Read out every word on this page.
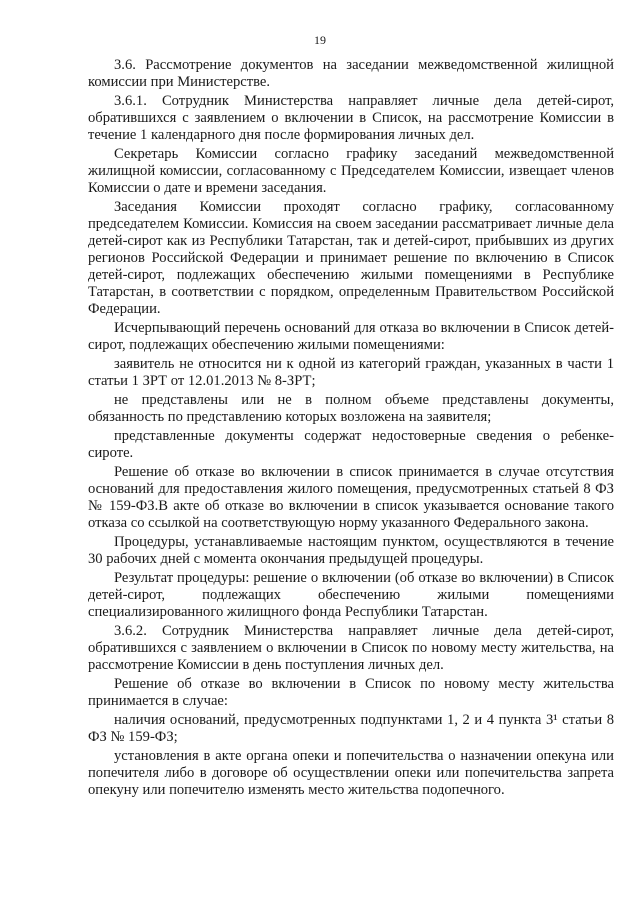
19

3.6. Рассмотрение документов на заседании межведомственной жилищной комиссии при Министерстве.

3.6.1. Сотрудник Министерства направляет личные дела детей-сирот, обратившихся с заявлением о включении в Список, на рассмотрение Комиссии в течение 1 календарного дня после формирования личных дел.

Секретарь Комиссии согласно графику заседаний межведомственной жилищной комиссии, согласованному с Председателем Комиссии, извещает членов Комиссии о дате и времени заседания.

Заседания Комиссии проходят согласно графику, согласованному председателем Комиссии. Комиссия на своем заседании рассматривает личные дела детей-сирот как из Республики Татарстан, так и детей-сирот, прибывших из других регионов Российской Федерации и принимает решение по включению в Список детей-сирот, подлежащих обеспечению жилыми помещениями в Республике Татарстан, в соответствии с порядком, определенным Правительством Российской Федерации.

Исчерпывающий перечень оснований для отказа во включении в Список детей-сирот, подлежащих обеспечению жилыми помещениями:

заявитель не относится ни к одной из категорий граждан, указанных в части 1 статьи 1 ЗРТ от 12.01.2013 № 8-ЗРТ;

не представлены или не в полном объеме представлены документы, обязанность по представлению которых возложена на заявителя;

представленные документы содержат недостоверные сведения о ребенке-сироте.

Решение об отказе во включении в список принимается в случае отсутствия оснований для предоставления жилого помещения, предусмотренных статьей 8 ФЗ № 159-ФЗ.В акте об отказе во включении в список указывается основание такого отказа со ссылкой на соответствующую норму указанного Федерального закона.

Процедуры, устанавливаемые настоящим пунктом, осуществляются в течение 30 рабочих дней с момента окончания предыдущей процедуры.

Результат процедуры: решение о включении (об отказе во включении) в Список детей-сирот, подлежащих обеспечению жилыми помещениями специализированного жилищного фонда Республики Татарстан.

3.6.2. Сотрудник Министерства направляет личные дела детей-сирот, обратившихся с заявлением о включении в Список по новому месту жительства, на рассмотрение Комиссии в день поступления личных дел.

Решение об отказе во включении в Список по новому месту жительства принимается в случае:

наличия оснований, предусмотренных подпунктами 1, 2 и 4 пункта 3¹ статьи 8 ФЗ № 159-ФЗ;

установления в акте органа опеки и попечительства о назначении опекуна или попечителя либо в договоре об осуществлении опеки или попечительства запрета опекуну или попечителю изменять место жительства подопечного.
